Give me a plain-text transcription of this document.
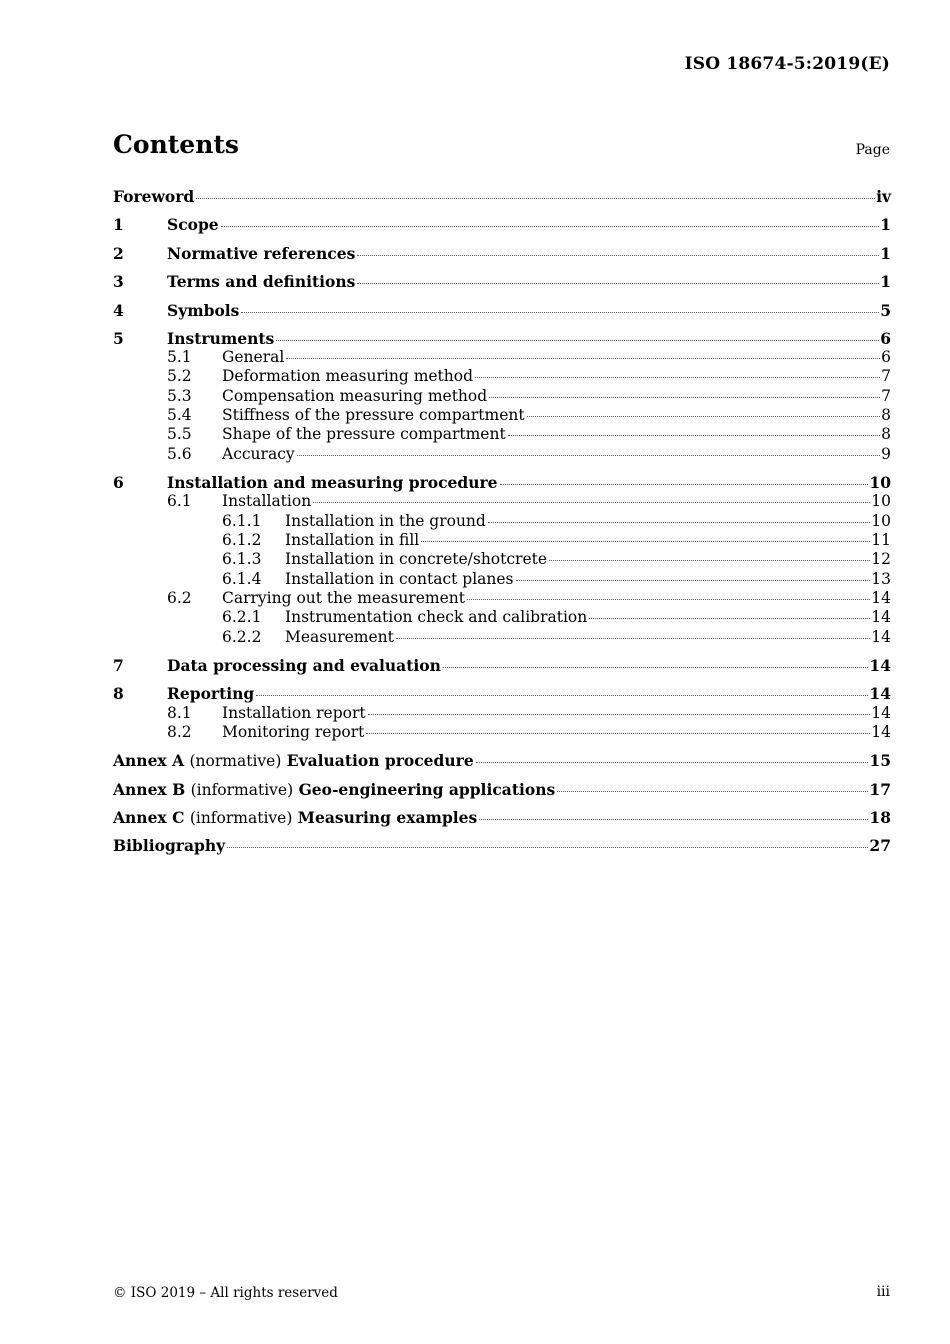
ISO 18674-5:2019(E)
Contents	Page
Foreword	iv
1	Scope	1
2	Normative references	1
3	Terms and definitions	1
4	Symbols	5
5	Instruments	6
5.1	General	6
5.2	Deformation measuring method	7
5.3	Compensation measuring method	7
5.4	Stiffness of the pressure compartment	8
5.5	Shape of the pressure compartment	8
5.6	Accuracy	9
6	Installation and measuring procedure	10
6.1	Installation	10
6.1.1	Installation in the ground	10
6.1.2	Installation in fill	11
6.1.3	Installation in concrete/shotcrete	12
6.1.4	Installation in contact planes	13
6.2	Carrying out the measurement	14
6.2.1	Instrumentation check and calibration	14
6.2.2	Measurement	14
7	Data processing and evaluation	14
8	Reporting	14
8.1	Installation report	14
8.2	Monitoring report	14
Annex A (normative) Evaluation procedure	15
Annex B (informative) Geo-engineering applications	17
Annex C (informative) Measuring examples	18
Bibliography	27
© ISO 2019 – All rights reserved	iii
